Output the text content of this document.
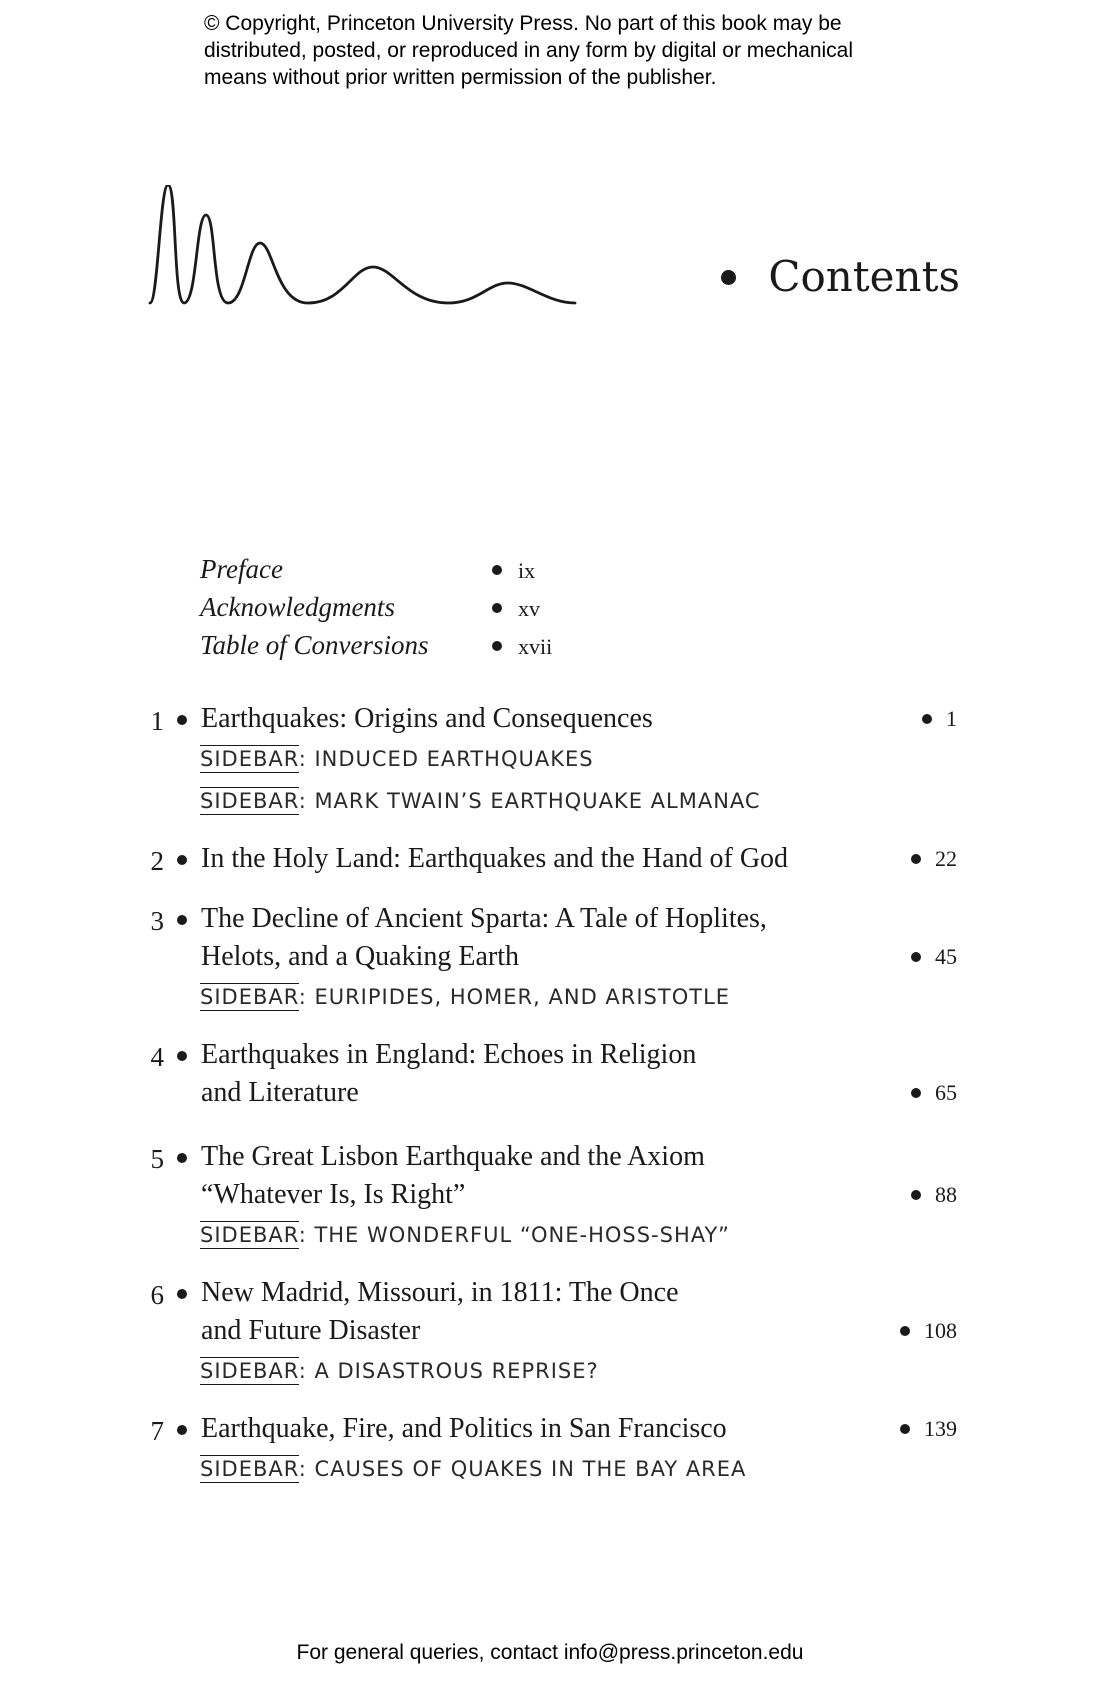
© Copyright, Princeton University Press. No part of this book may be
distributed, posted, or reproduced in any form by digital or mechanical
means without prior written permission of the publisher.
Contents
Preface	ix
Acknowledgments	xv
Table of Conversions	xvii
1 Earthquakes: Origins and Consequences	1
SIDEBAR: INDUCED EARTHQUAKES
SIDEBAR: MARK TWAIN’S EARTHQUAKE ALMANAC
2 In the Holy Land: Earthquakes and the Hand of God	22
3 The Decline of Ancient Sparta: A Tale of Hoplites,
Helots, and a Quaking Earth	45
SIDEBAR: EURIPIDES, HOMER, AND ARISTOTLE
4 Earthquakes in England: Echoes in Religion
and Literature	65
5 The Great Lisbon Earthquake and the Axiom
“Whatever Is, Is Right”	88
SIDEBAR: THE WONDERFUL “ONE-HOSS-SHAY”
6 New Madrid, Missouri, in 1811: The Once
and Future Disaster	108
SIDEBAR: A DISASTROUS REPRISE?
7 Earthquake, Fire, and Politics in San Francisco	139
SIDEBAR: CAUSES OF QUAKES IN THE BAY AREA
For general queries, contact info@press.princeton.edu
